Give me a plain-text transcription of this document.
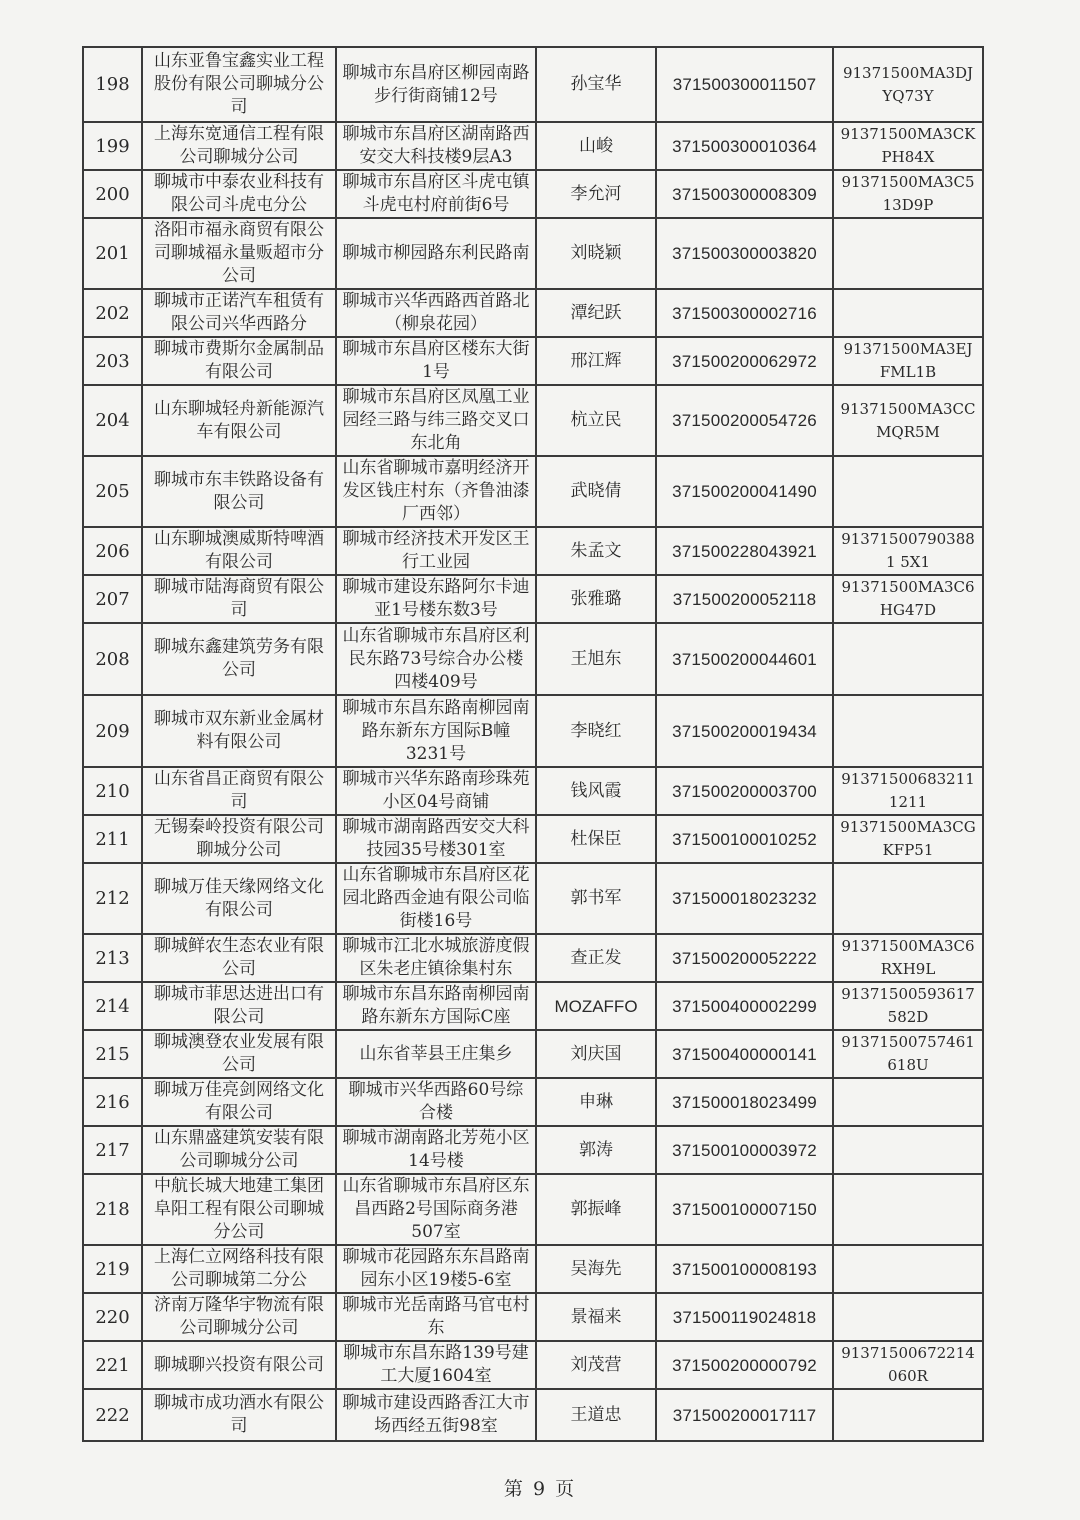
198	山东亚鲁宝鑫实业工程股份有限公司聊城分公司	聊城市东昌府区柳园南路步行街商铺12号	孙宝华	371500300011507	91371500MA3DJYQ73Y
199	上海东宽通信工程有限公司聊城分公司	聊城市东昌府区湖南路西安交大科技楼9层A3	山峻	371500300010364	91371500MA3CKPH84X
200	聊城市中泰农业科技有限公司斗虎屯分公	聊城市东昌府区斗虎屯镇斗虎屯村府前街6号	李允河	371500300008309	91371500MA3C513D9P
201	洛阳市福永商贸有限公司聊城福永量贩超市分公司	聊城市柳园路东利民路南	刘晓颖	371500300003820	
202	聊城市正诺汽车租赁有限公司兴华西路分	聊城市兴华西路西首路北（柳泉花园）	潭纪跃	371500300002716	
203	聊城市费斯尔金属制品有限公司	聊城市东昌府区楼东大街1号	邢江辉	371500200062972	91371500MA3EJFML1B
204	山东聊城轻舟新能源汽车有限公司	聊城市东昌府区凤凰工业园经三路与纬三路交叉口东北角	杭立民	371500200054726	91371500MA3CCMQR5M
205	聊城市东丰铁路设备有限公司	山东省聊城市嘉明经济开发区钱庄村东（齐鲁油漆厂西邻）	武晓倩	371500200041490	
206	山东聊城澳威斯特啤酒有限公司	聊城市经济技术开发区王行工业园	朱孟文	371500228043921	913715007903881 5X1
207	聊城市陆海商贸有限公司	聊城市建设东路阿尔卡迪亚1号楼东数3号	张雅璐	371500200052118	91371500MA3C6HG47D
208	聊城东鑫建筑劳务有限公司	山东省聊城市东昌府区利民东路73号综合办公楼四楼409号	王旭东	371500200044601	
209	聊城市双东新业金属材料有限公司	聊城市东昌东路南柳园南路东新东方国际B幢3231号	李晓红	371500200019434	
210	山东省昌正商贸有限公司	聊城市兴华东路南珍珠苑小区04号商铺	钱风霞	371500200003700	913715006832111211
211	无锡秦岭投资有限公司聊城分公司	聊城市湖南路西安交大科技园35号楼301室	杜保臣	371500100010252	91371500MA3CGKFP51
212	聊城万佳天缘网络文化有限公司	山东省聊城市东昌府区花园北路西金迪有限公司临街楼16号	郭书军	371500018023232	
213	聊城鲜农生态农业有限公司	聊城市江北水城旅游度假区朱老庄镇徐集村东	查正发	371500200052222	91371500MA3C6RXH9L
214	聊城市菲思达进出口有限公司	聊城市东昌东路南柳园南路东新东方国际C座	MOZAFFO	371500400002299	91371500593617582D
215	聊城澳登农业发展有限公司	山东省莘县王庄集乡	刘庆国	371500400000141	91371500757461618U
216	聊城万佳亮剑网络文化有限公司	聊城市兴华西路60号综合楼	申琳	371500018023499	
217	山东鼎盛建筑安装有限公司聊城分公司	聊城市湖南路北芳苑小区14号楼	郭涛	371500100003972	
218	中航长城大地建工集团阜阳工程有限公司聊城分公司	山东省聊城市东昌府区东昌西路2号国际商务港507室	郭振峰	371500100007150	
219	上海仁立网络科技有限公司聊城第二分公	聊城市花园路东东昌路南园东小区19楼5-6室	吴海先	371500100008193	
220	济南万隆华宇物流有限公司聊城分公司	聊城市光岳南路马官屯村东	景福来	371500119024818	
221	聊城聊兴投资有限公司	聊城市东昌东路139号建工大厦1604室	刘茂营	371500200000792	91371500672214060R
222	聊城市成功酒水有限公司	聊城市建设西路香江大市场西经五街98室	王道忠	371500200017117	
第 9 页
